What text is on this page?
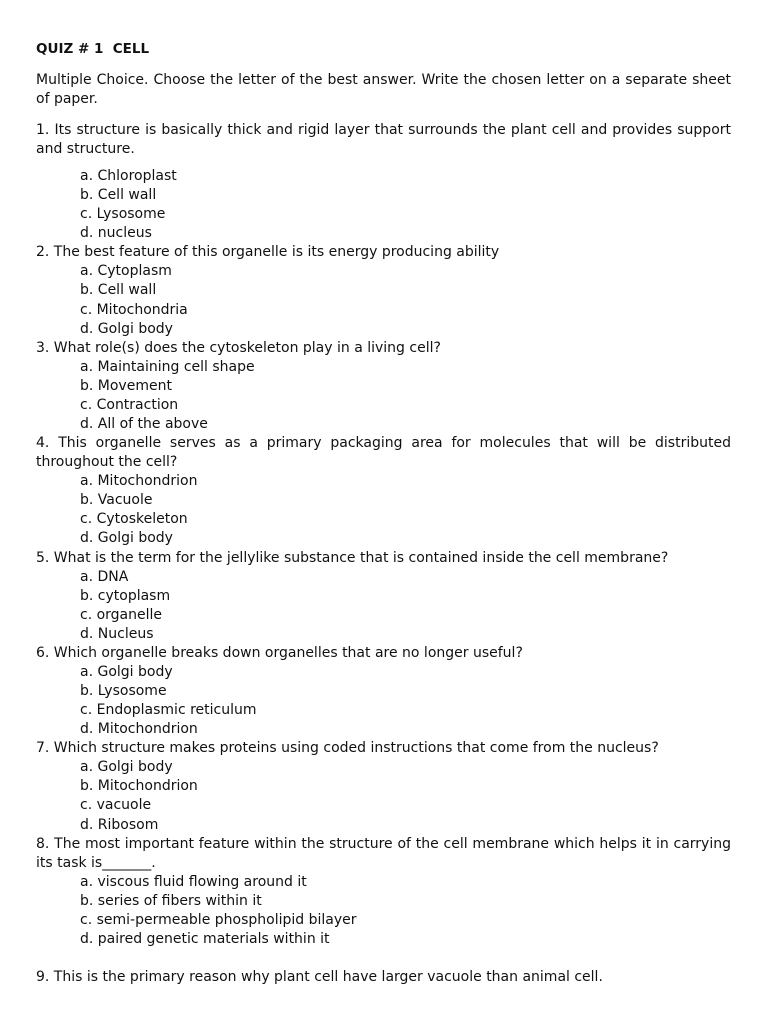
QUIZ # 1  CELL

Multiple Choice. Choose the letter of the best answer. Write the chosen letter on a separate sheet of paper.

1. Its structure is basically thick and rigid layer that surrounds the plant cell and provides support and structure.

a. Chloroplast
b. Cell wall
c. Lysosome
d. nucleus

2. The best feature of this organelle is its energy producing ability

a. Cytoplasm
b. Cell wall
c. Mitochondria
d. Golgi body

3. What role(s) does the cytoskeleton play in a living cell?

a. Maintaining cell shape
b. Movement
c. Contraction
d. All of the above

4. This organelle serves as a primary packaging area for molecules that will be distributed throughout the cell?

a. Mitochondrion
b. Vacuole
c. Cytoskeleton
d. Golgi body

5. What is the term for the jellylike substance that is contained inside the cell membrane?

a. DNA
b. cytoplasm
c. organelle
d. Nucleus

6. Which organelle breaks down organelles that are no longer useful?

a. Golgi body
b. Lysosome
c. Endoplasmic reticulum
d. Mitochondrion

7. Which structure makes proteins using coded instructions that come from the nucleus?

a. Golgi body
b. Mitochondrion
c. vacuole
d. Ribosom

8. The most important feature within the structure of the cell membrane which helps it in carrying its task is_______.

a. viscous fluid flowing around it
b. series of fibers within it
c. semi-permeable phospholipid bilayer
d. paired genetic materials within it

9. This is the primary reason why plant cell have larger vacuole than animal cell.
